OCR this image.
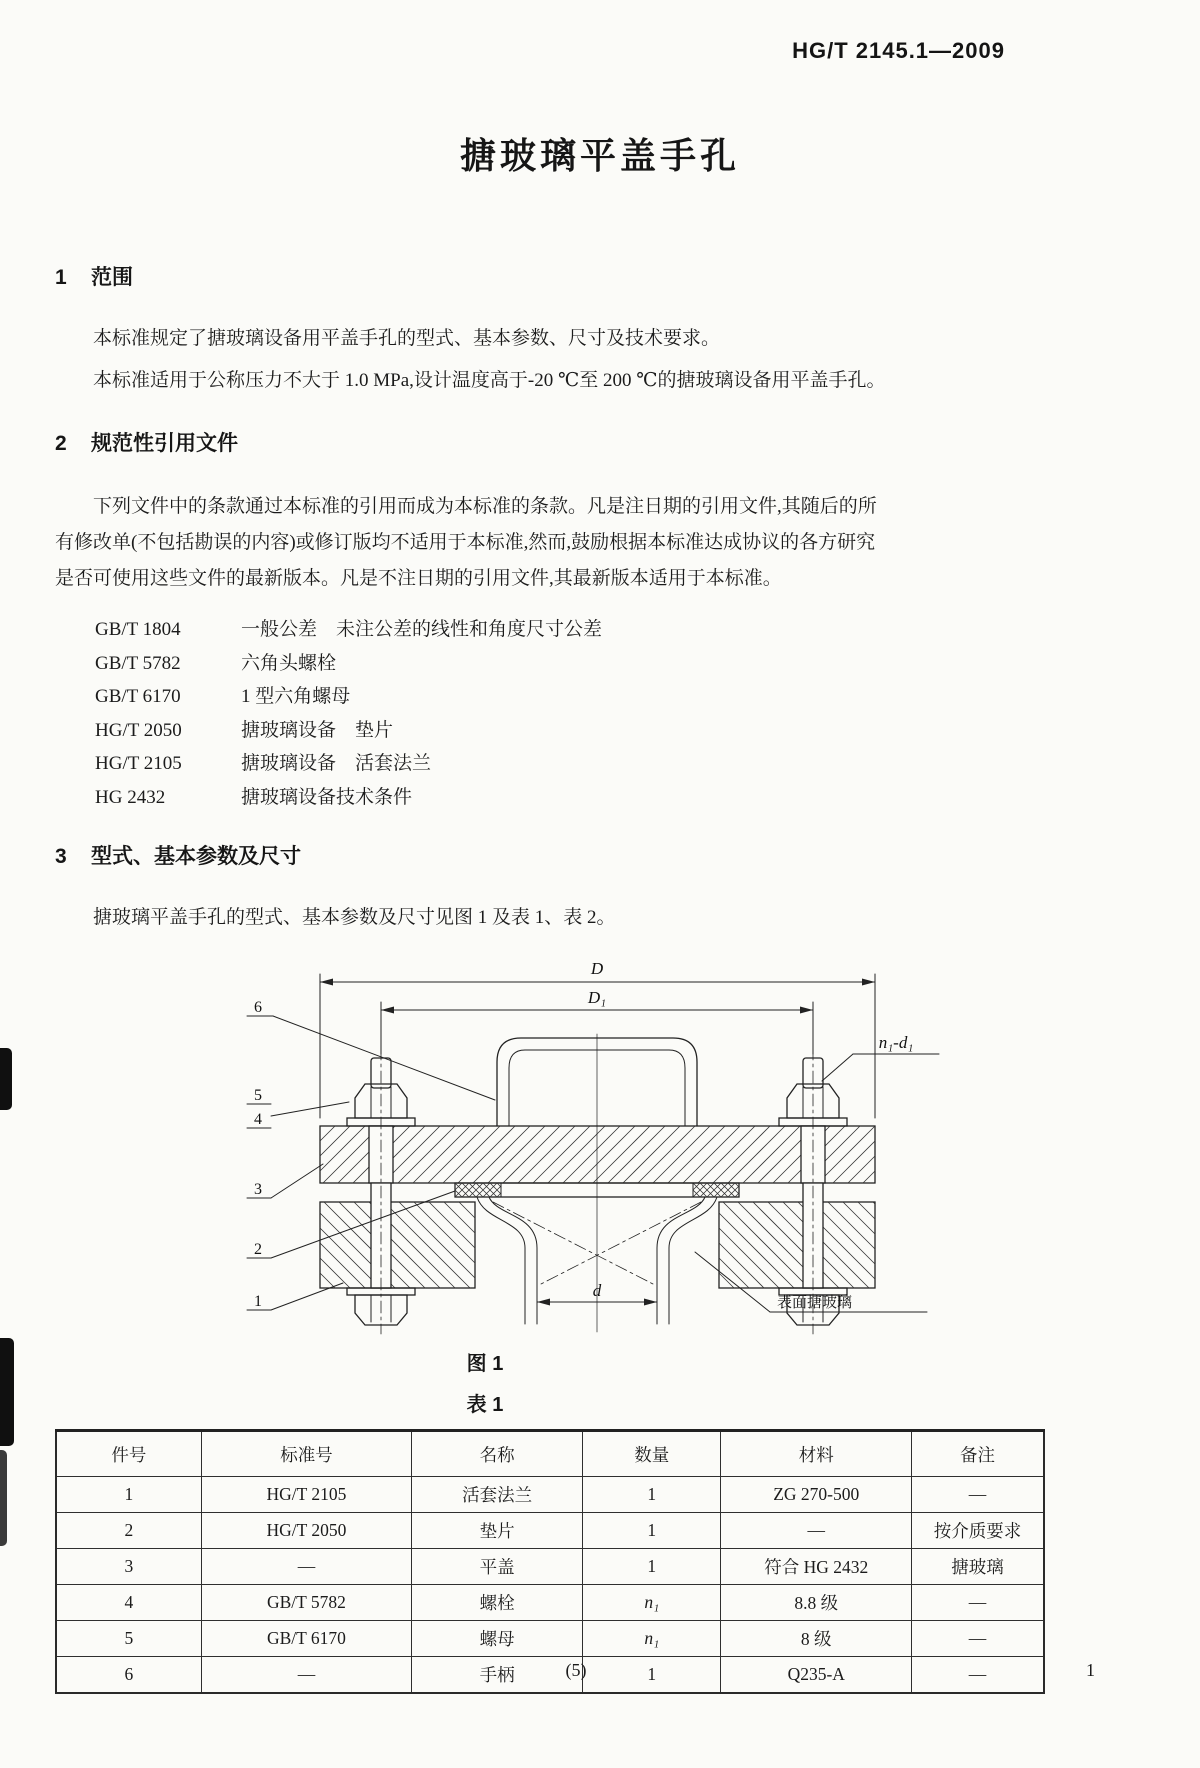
HG/T 2145.1—2009
搪玻璃平盖手孔
1 范围
本标准规定了搪玻璃设备用平盖手孔的型式、基本参数、尺寸及技术要求。
本标准适用于公称压力不大于 1.0 MPa,设计温度高于-20 ℃至 200 ℃的搪玻璃设备用平盖手孔。
2 规范性引用文件
下列文件中的条款通过本标准的引用而成为本标准的条款。凡是注日期的引用文件,其随后的所
有修改单(不包括勘误的内容)或修订版均不适用于本标准,然而,鼓励根据本标准达成协议的各方研究
是否可使用这些文件的最新版本。凡是不注日期的引用文件,其最新版本适用于本标准。
GB/T 1804	一般公差　未注公差的线性和角度尺寸公差
GB/T 5782	六角头螺栓
GB/T 6170	1 型六角螺母
HG/T 2050	搪玻璃设备　垫片
HG/T 2105	搪玻璃设备　活套法兰
HG 2432	搪玻璃设备技术条件
3 型式、基本参数及尺寸
搪玻璃平盖手孔的型式、基本参数及尺寸见图 1 及表 1、表 2。
D
D₁
n₁-d₁
d
表面搪玻璃
6
5
4
3
2
1
图 1
表 1
件号	标准号	名称	数量	材料	备注
1	HG/T 2105	活套法兰	1	ZG 270-500	—
2	HG/T 2050	垫片	1	—	按介质要求
3	—	平盖	1	符合 HG 2432	搪玻璃
4	GB/T 5782	螺栓	n₁	8.8 级	—
5	GB/T 6170	螺母	n₁	8 级	—
6	—	手柄	1	Q235-A	—
(5)	1
